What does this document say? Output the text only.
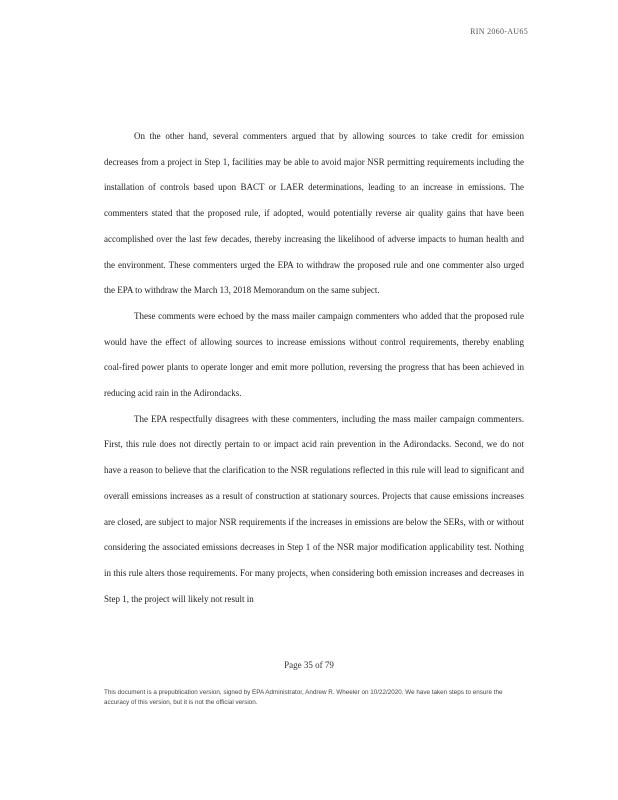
RIN 2060-AU65

On the other hand, several commenters argued that by allowing sources to take credit for emission decreases from a project in Step 1, facilities may be able to avoid major NSR permitting requirements including the installation of controls based upon BACT or LAER determinations, leading to an increase in emissions. The commenters stated that the proposed rule, if adopted, would potentially reverse air quality gains that have been accomplished over the last few decades, thereby increasing the likelihood of adverse impacts to human health and the environment. These commenters urged the EPA to withdraw the proposed rule and one commenter also urged the EPA to withdraw the March 13, 2018 Memorandum on the same subject.

These comments were echoed by the mass mailer campaign commenters who added that the proposed rule would have the effect of allowing sources to increase emissions without control requirements, thereby enabling coal-fired power plants to operate longer and emit more pollution, reversing the progress that has been achieved in reducing acid rain in the Adirondacks.

The EPA respectfully disagrees with these commenters, including the mass mailer campaign commenters. First, this rule does not directly pertain to or impact acid rain prevention in the Adirondacks. Second, we do not have a reason to believe that the clarification to the NSR regulations reflected in this rule will lead to significant and overall emissions increases as a result of construction at stationary sources. Projects that cause emissions increases are closed, are subject to major NSR requirements if the increases in emissions are below the SERs, with or without considering the associated emissions decreases in Step 1 of the NSR major modification applicability test. Nothing in this rule alters those requirements. For many projects, when considering both emission increases and decreases in Step 1, the project will likely not result in

Page 35 of 79
This document is a prepublication version, signed by EPA Administrator, Andrew R. Wheeler on 10/22/2020. We have taken steps to ensure the accuracy of this version, but it is not the official version.
